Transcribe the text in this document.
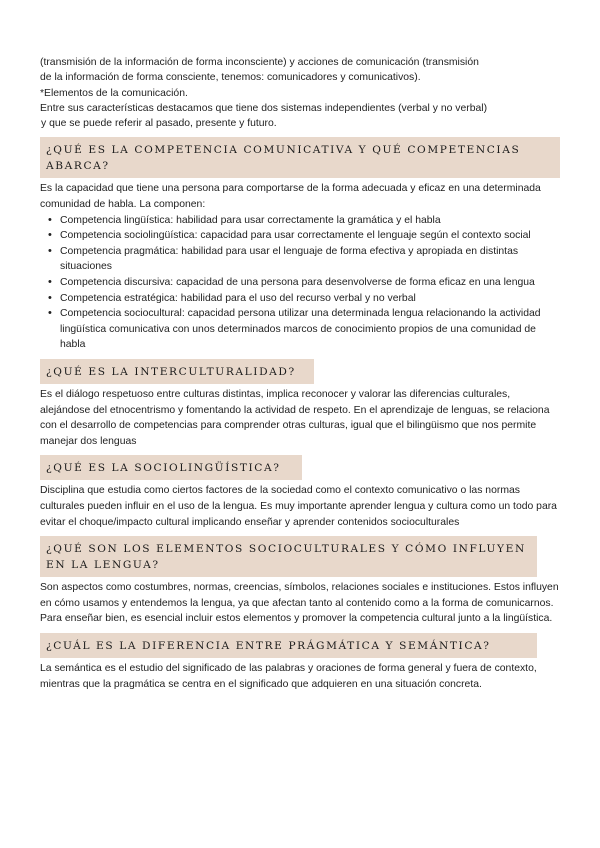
(transmisión de la información de forma inconsciente) y acciones de comunicación (transmisión

de la información de forma consciente, tenemos: comunicadores y comunicativos).

*Elementos de la comunicación.

Entre sus características destacamos que tiene dos sistemas independientes (verbal y no verbal)

y que se puede referir al pasado, presente y futuro.

¿QUÉ ES LA COMPETENCIA COMUNICATIVA Y QUÉ COMPETENCIAS ABARCA?

Es la capacidad que tiene una persona para comportarse de la forma adecuada y eficaz en una determinada comunidad de habla. La componen:

• Competencia lingüística: habilidad para usar correctamente la gramática y el habla
• Competencia sociolingüística: capacidad para usar correctamente el lenguaje según el contexto social
• Competencia pragmática: habilidad para usar el lenguaje de forma efectiva y apropiada en distintas situaciones
• Competencia discursiva: capacidad de una persona para desenvolverse de forma eficaz en una lengua
• Competencia estratégica: habilidad para el uso del recurso verbal y no verbal
• Competencia sociocultural: capacidad persona utilizar una determinada lengua relacionando la actividad lingüística comunicativa con unos determinados marcos de conocimiento propios de una comunidad de habla
¿QUÉ ES LA INTERCULTURALIDAD?

Es el diálogo respetuoso entre culturas distintas, implica reconocer y valorar las diferencias culturales, alejándose del etnocentrismo y fomentando la actividad de respeto. En el aprendizaje de lenguas, se relaciona con el desarrollo de competencias para comprender otras culturas, igual que el bilingüismo que nos permite manejar dos lenguas

¿QUÉ ES LA SOCIOLINGÜÍSTICA?

Disciplina que estudia como ciertos factores de la sociedad como el contexto comunicativo o las normas culturales pueden influir en el uso de la lengua. Es muy importante aprender lengua y cultura como un todo para evitar el choque/impacto cultural implicando enseñar y aprender contenidos socioculturales

¿QUÉ SON LOS ELEMENTOS SOCIOCULTURALES Y CÓMO INFLUYEN EN LA LENGUA?

Son aspectos como costumbres, normas, creencias, símbolos, relaciones sociales e instituciones. Estos influyen en cómo usamos y entendemos la lengua, ya que afectan tanto al contenido como a la forma de comunicarnos. Para enseñar bien, es esencial incluir estos elementos y promover la competencia cultural junto a la lingüística.

¿CUÁL ES LA DIFERENCIA ENTRE PRÁGMÁTICA Y SEMÁNTICA?

La semántica es el estudio del significado de las palabras y oraciones de forma general y fuera de contexto, mientras que la pragmática se centra en el significado que adquieren en una situación concreta.
